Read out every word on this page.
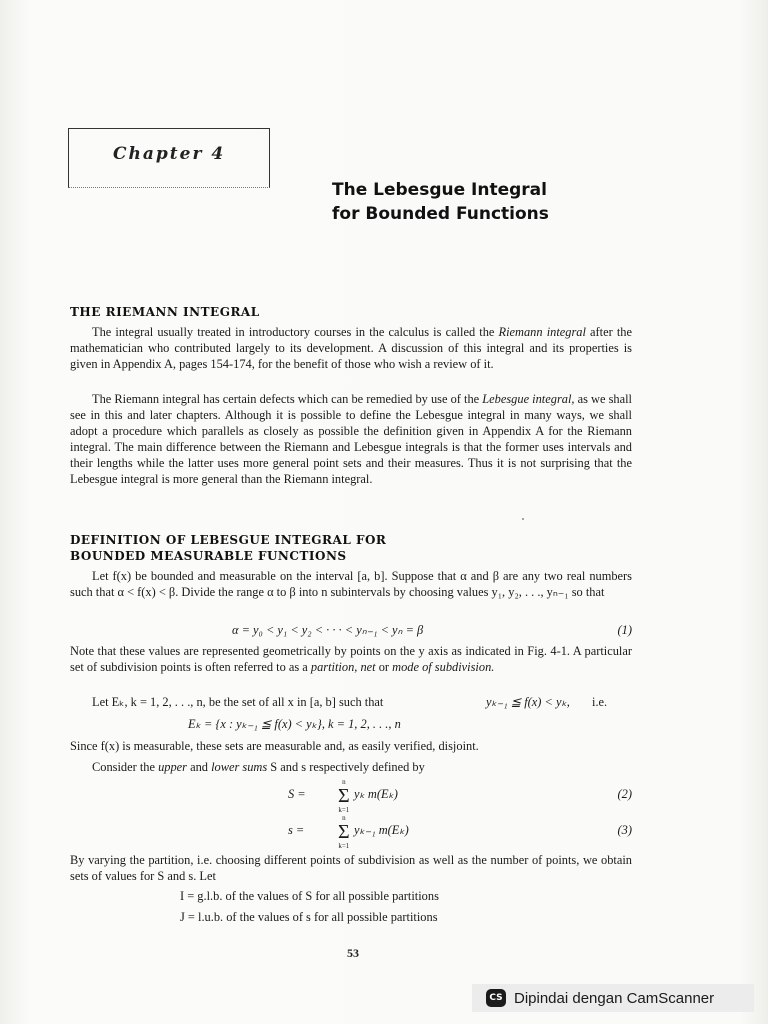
Chapter 4
The Lebesgue Integral
for Bounded Functions
THE RIEMANN INTEGRAL

The integral usually treated in introductory courses in the calculus is called the Riemann integral after the mathematician who contributed largely to its development. A discussion of this integral and its properties is given in Appendix A, pages 154-174, for the benefit of those who wish a review of it.

The Riemann integral has certain defects which can be remedied by use of the Lebesgue integral, as we shall see in this and later chapters. Although it is possible to define the Lebesgue integral in many ways, we shall adopt a procedure which parallels as closely as possible the definition given in Appendix A for the Riemann integral. The main difference between the Riemann and Lebesgue integrals is that the former uses intervals and their lengths while the latter uses more general point sets and their measures. Thus it is not surprising that the Lebesgue integral is more general than the Riemann integral.

DEFINITION OF LEBESGUE INTEGRAL FOR
BOUNDED MEASURABLE FUNCTIONS

Let f(x) be bounded and measurable on the interval [a, b]. Suppose that α and β are any two real numbers such that α < f(x) < β. Divide the range α to β into n subintervals by choosing values y₁, y₂, . . ., yₙ₋₁ so that

α = y₀ < y₁ < y₂ < · · · < yₙ₋₁ < yₙ = β	(1)

Note that these values are represented geometrically by points on the y axis as indicated in Fig. 4-1. A particular set of subdivision points is often referred to as a partition, net or mode of subdivision.

Let Eₖ, k = 1, 2, . . ., n, be the set of all x in [a, b] such that	yₖ₋₁ ≦ f(x) < yₖ, i.e.
Eₖ = {x : yₖ₋₁ ≦ f(x) < yₖ}, k = 1, 2, . . ., n

Since f(x) is measurable, these sets are measurable and, as easily verified, disjoint.

Consider the upper and lower sums S and s respectively defined by

S =
n
Σ
k=1
yₖ m(Eₖ)	(2)
s =
n
Σ
k=1
yₖ₋₁ m(Eₖ)	(3)

By varying the partition, i.e. choosing different points of subdivision as well as the number of points, we obtain sets of values for S and s. Let

I = g.l.b. of the values of S for all possible partitions
J = l.u.b. of the values of s for all possible partitions
53
CS Dipindai dengan CamScanner
